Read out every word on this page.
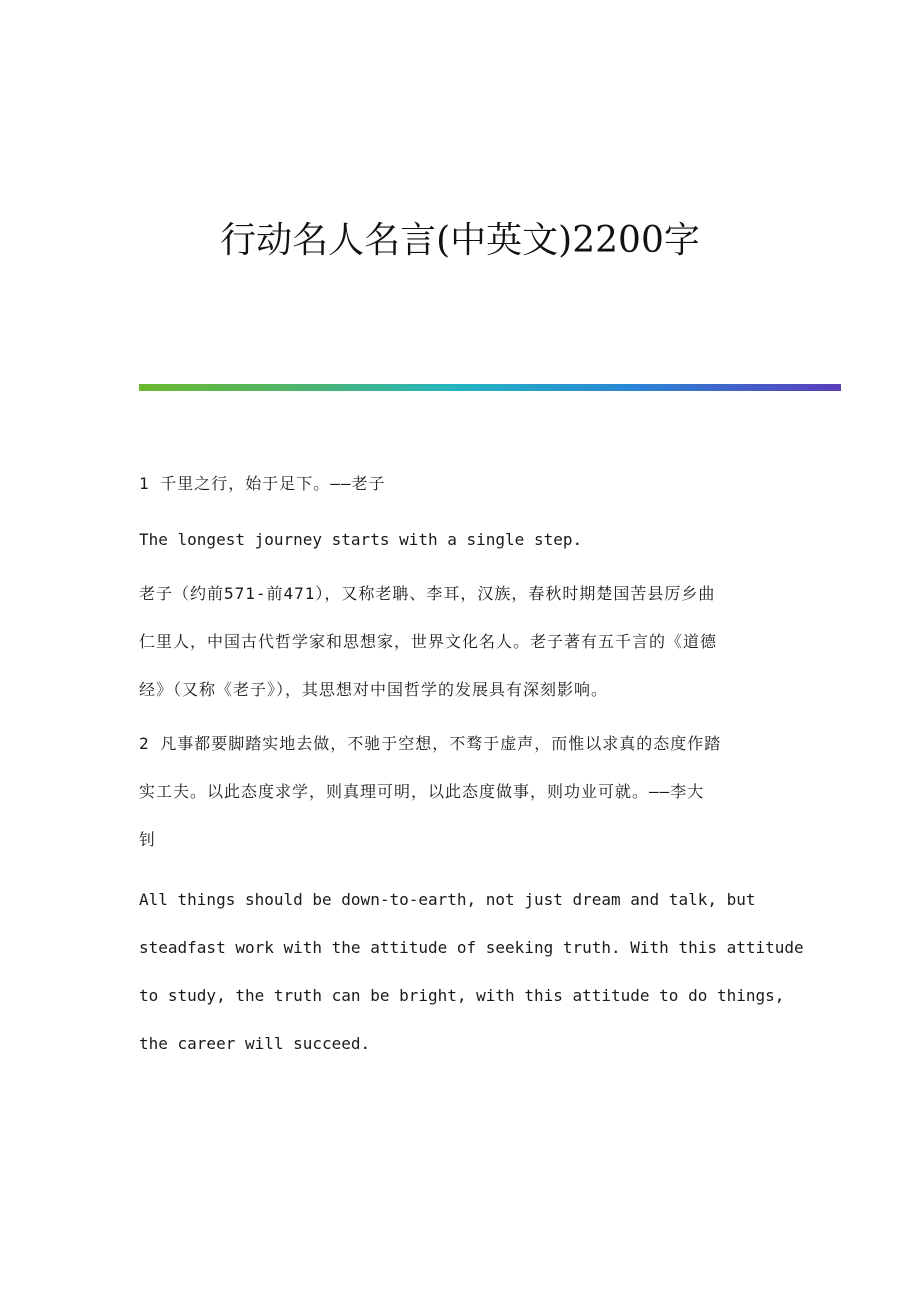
行动名人名言(中英文)2200字
1 千里之行，始于足下。——老子
The longest journey starts with a single step.
老子（约前571-前471），又称老聃、李耳，汉族，春秋时期楚国苦县厉乡曲
仁里人，中国古代哲学家和思想家，世界文化名人。老子著有五千言的《道德
经》（又称《老子》），其思想对中国哲学的发展具有深刻影响。
2 凡事都要脚踏实地去做，不驰于空想，不骛于虚声，而惟以求真的态度作踏
实工夫。以此态度求学，则真理可明，以此态度做事，则功业可就。——李大
钊
All things should be down-to-earth, not just dream and talk, but
steadfast work with the attitude of seeking truth. With this attitude
to study, the truth can be bright, with this attitude to do things,
the career will succeed.
